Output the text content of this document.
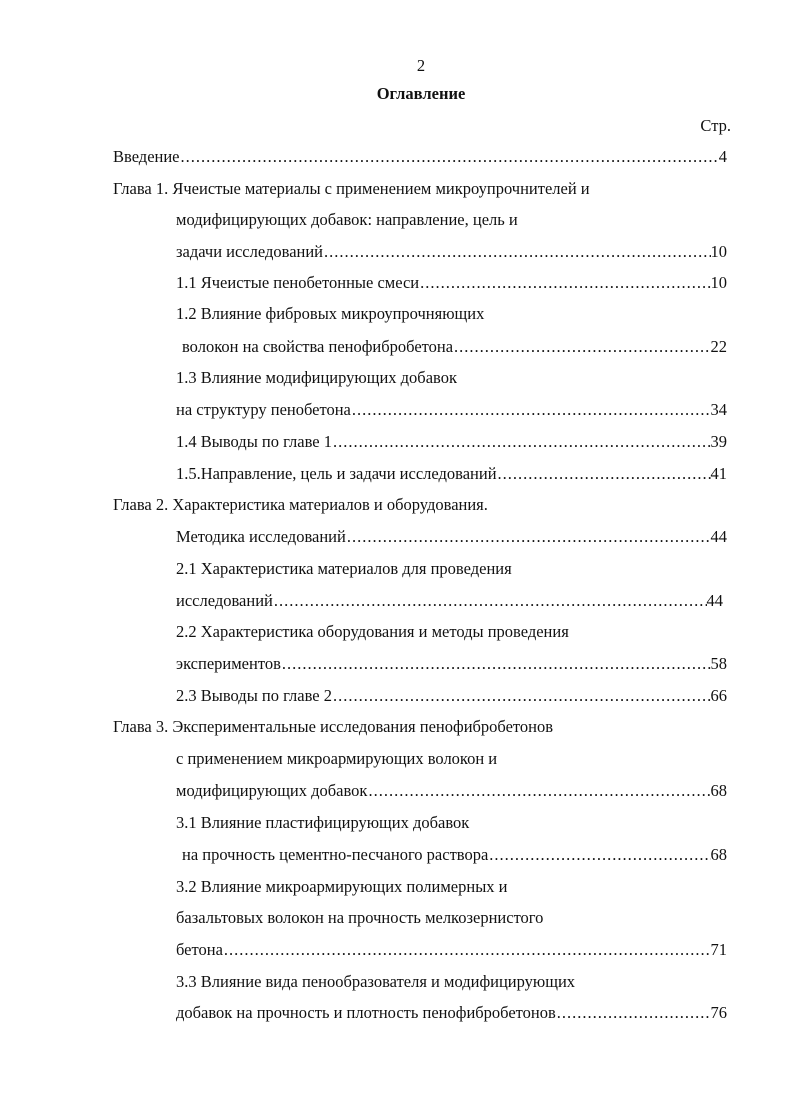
2
Оглавление
Стр.
Введение .....	4
Глава 1. Ячеистые материалы с применением микроупрочнителей и
модифицирующих добавок: направление, цель и
задачи исследований .....	10
1.1 Ячеистые пенобетонные смеси .....	10
1.2 Влияние фибровых микроупрочняющих
волокон на свойства пенофибробетона .....	22
1.3 Влияние модифицирующих добавок
на структуру пенобетона .....	34
1.4 Выводы по главе 1 .....	39
1.5.Направление, цель и задачи исследований .....	41
Глава 2. Характеристика материалов и оборудования.
Методика исследований .....	44
2.1 Характеристика материалов для проведения
исследований .....	44
2.2 Характеристика оборудования и методы проведения
экспериментов .....	58
2.3 Выводы по главе 2 .....	66
Глава 3. Экспериментальные исследования пенофибробетонов
с применением микроармирующих волокон и
модифицирующих добавок .....	68
3.1 Влияние пластифицирующих добавок
на прочность цементно-песчаного раствора .....	68
3.2 Влияние микроармирующих полимерных и
базальтовых волокон на прочность мелкозернистого
бетона .....	71
3.3 Влияние вида пенообразователя и модифицирующих
добавок на прочность и плотность пенофибробетонов .....	76
